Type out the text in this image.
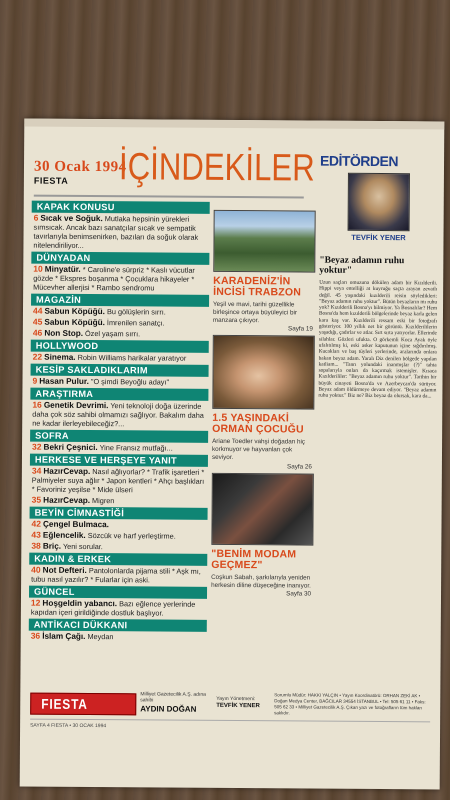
30 Ocak 1994
FIESTA İÇİNDEKİLER
KAPAK KONUSU
6 Sıcak ve Soğuk. Mutlaka hepsinin yürekleri sımsıcak. Ancak bazı sanatçılar sıcak ve sempatik tavırlarıyla benimsenirken, bazıları da soğuk olarak nitelendiriliyor...
DÜNYADAN
10 Minyatür. * Caroline'e sürpriz * Kaslı vücutlar gözde * Ekspres boşanma * Çocuklara hikayeler * Mücevher allerjisi * Rambo sendromu
MAGAZİN
44 Sabun Köpüğü. Bu gölüşlerin sırrı.
45 Sabun Köpüğü. İmrenilen sanatçı.
46 Non Stop. Özel yaşam sırrı.
HOLLYWOOD
22 Sinema. Robin Williams harikalar yaratıyor
KESİP SAKLADIKLARIM
9 Hasan Pulur. "O şimdi Beyoğlu adayı"
ARAŞTIRMA
16 Genetik Devrimi. Yeni teknoloji doğa üzerinde daha çok söz sahibi olmamızı sağlıyor. Bakalım daha ne kadar ilerleyebileceğiz?...
SOFRA
32 Bekri Çeşnici. Yine Fransız mutfağı...
HERKESE VE HERŞEYE YANIT
34 HazırCevap. Nasıl ağlıyorlar? * Trafik işaretleri * Palmiyeler suya ağlır * Japon kentleri * Ahçı başlıkları * Favoriniz yeşilse * Mide ülseri
35 HazırCevap. Migren
BEYİN CİMNASTİĞİ
42 Çengel Bulmaca.
43 Eğlencelik. Sözcük ve harf yerleştirme.
38 Briç. Yeni sorular.
KADIN & ERKEK
40 Not Defteri. Pantolonlarda pijama stili * Aşk mı, tubu nasıl yazılır? * Fularlar için aski.
GÜNCEL
12 Hoşgeldin yabancı. Bazı eğlence yerlerinde kapıdan içeri girildiğinde dostluk başlıyor.
ANTİKACI DÜKKANI
36 İslam Çağı. Meydan
KARADENİZ'İN İNCİSİ TRABZON
Yeşil ve mavi, tarihi güzellikle birleşince ortaya büyüleyici bir manzara çıkıyor.
Sayfa 19
1.5 YAŞINDAKİ ORMAN ÇOCUĞU
Ariane Toedler vahşi doğadan hiç korkmuyor ve hayvanları çok seviyor.
Sayfa 26
"BENİM MODAM GEÇMEZ"
Coşkun Sabah, şarkılarıyla yeniden herkesin diline düşeceğine inanıyor.
Sayfa 30
EDİTÖRDEN
TEVFİK YENER
"Beyaz adamın ruhu yoktur"
Uzun saçları omuzuna dökülen adam bir Kızılderili. Hippi veya entelliği at kuyruğu saçta arayan zevatlı değil. 45 yaşındaki kızılderili reisin söyledikleri: "Beyaz adamın ruhu yoktur". Bütün beyazların mı ruhu yok? Kızılderili Bosna'yı bilmiyor. Ya Bosnalılar? Hem Bosna'da hem kızılderili bölgelerinde beyaz karla gelen kara kaş var. Kızılderili ressam eski bir fotoğrafı gösteriyor. 100 yıllık net bir görüntü. Kızılderililerin yaşadığı, çadırlar ve atlar. Sırt sırta yatıyorlar. Ellerinde silahlar. Gözleri ufukta. O görkemli Koca Ayak öyle ufalıtılmış ki, eski asker kaputunun içine sığdırılmış. Kucakları ve baş tüyleri yerlerinde, aralarında onlara bakan beyaz adam. Yaralı Diz denilen bölgede yapılan katliam... "Tanrı yolundaki inanmışlar (?)" tahta sopalarıyla onları da kaçırmak istemişler. Kısaca Kızılderililer: "Beyaz adamın ruhu yoktur". Tarihin bir büyük cinayeti Bosna'da ve Azerbeycan'da sürüyor. Beyaz adam öldürmeye devam ediyor. "Beyaz adamın ruhu yoktur." Biz ne? Biz beyaz da olursak, kara da...
FIESTA
Milliyet Gazetecilik A.Ş. adına sahibi
AYDIN DOĞAN
Yayın Yönetmeni:
TEVFİK YENER
Sorumlu Müdür: HAKKI YALÇIN • Yayın Koordinatörü: ORHAN ZEKİ AK • Doğan Medya Center, BAĞCILAR 34554 İSTANBUL • Tel: 505 61 11 • Faks: 505 62 33 • Milliyet Gazetecilik A.Ş. Çıkan yazı ve fotoğrafların tüm hakları saklıdır.
SAYFA 4 FIESTA • 30 OCAK 1994
